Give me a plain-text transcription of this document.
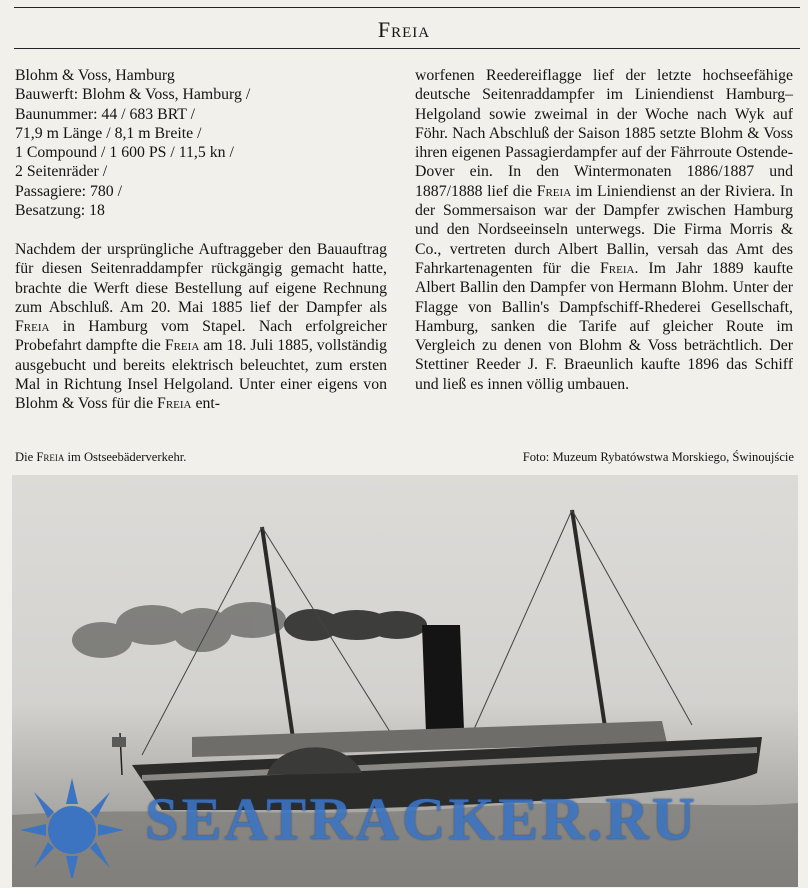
Freia

Blohm & Voss, Hamburg

Bauwerft: Blohm & Voss, Hamburg /

Baunummer: 44 / 683 BRT /

71,9 m Länge / 8,1 m Breite /

1 Compound / 1 600 PS / 11,5 kn /

2 Seitenräder /

Passagiere: 780 /

Besatzung: 18

Nachdem der ursprüngliche Auftraggeber den Bauauftrag für diesen Seitenraddampfer rückgängig gemacht hatte, brachte die Werft diese Bestellung auf eigene Rechnung zum Abschluß. Am 20. Mai 1885 lief der Dampfer als Freia in Hamburg vom Stapel. Nach erfolgreicher Probefahrt dampfte die Freia am 18. Juli 1885, vollständig ausgebucht und bereits elektrisch beleuchtet, zum ersten Mal in Richtung Insel Helgoland. Unter einer eigens von Blohm & Voss für die Freia ent-
worfenen Reedereiflagge lief der letzte hochseefähige deutsche Seitenraddampfer im Liniendienst Hamburg–Helgoland sowie zweimal in der Woche nach Wyk auf Föhr. Nach Abschluß der Saison 1885 setzte Blohm & Voss ihren eigenen Passagierdampfer auf der Fährroute Ostende-Dover ein. In den Wintermonaten 1886/1887 und 1887/1888 lief die Freia im Liniendienst an der Riviera. In der Sommersaison war der Dampfer zwischen Hamburg und den Nordseeinseln unterwegs. Die Firma Morris & Co., vertreten durch Albert Ballin, versah das Amt des Fahrkartenagenten für die Freia. Im Jahr 1889 kaufte Albert Ballin den Dampfer von Hermann Blohm. Unter der Flagge von Ballin's Dampfschiff-Rhederei Gesellschaft, Hamburg, sanken die Tarife auf gleicher Route im Vergleich zu denen von Blohm & Voss beträchtlich. Der Stettiner Reeder J. F. Braeunlich kaufte 1896 das Schiff und ließ es innen völlig umbauen.
Die Freia im Ostseebäderverkehr.	Foto: Muzeum Rybatówstwa Morskiego, Świnoujście
SEATRACKER.RU
